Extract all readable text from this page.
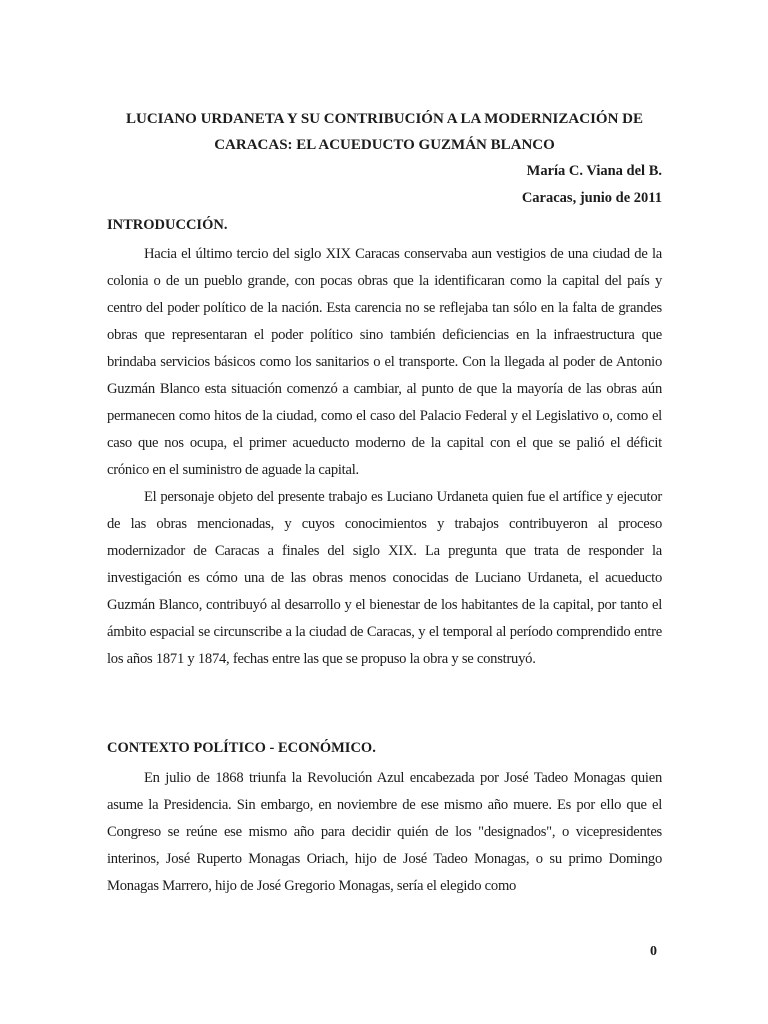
LUCIANO URDANETA Y SU CONTRIBUCIÓN A LA MODERNIZACIÓN DE
CARACAS: EL ACUEDUCTO GUZMÁN BLANCO
María C. Viana del B.
Caracas, junio de 2011
INTRODUCCIÓN.

Hacia el último tercio del siglo XIX Caracas conservaba aun vestigios de una ciudad de la colonia o de un pueblo grande, con pocas obras que la identificaran como la capital del país y centro del poder político de la nación. Esta carencia no se reflejaba tan sólo en la falta de grandes obras que representaran el poder político sino también deficiencias en la infraestructura que brindaba servicios básicos como los sanitarios o el transporte. Con la llegada al poder de Antonio Guzmán Blanco esta situación comenzó a cambiar, al punto de que la mayoría de las obras aún permanecen como hitos de la ciudad, como el caso del Palacio Federal y el Legislativo o, como el caso que nos ocupa, el primer acueducto moderno de la capital con el que se palió el déficit crónico en el suministro de aguade la capital.

El personaje objeto del presente trabajo es Luciano Urdaneta quien fue el artífice y ejecutor de las obras mencionadas, y cuyos conocimientos y trabajos contribuyeron al proceso modernizador de Caracas a finales del siglo XIX. La pregunta que trata de responder la investigación es cómo una de las obras menos conocidas de Luciano Urdaneta, el acueducto Guzmán Blanco, contribuyó al desarrollo y el bienestar de los habitantes de la capital, por tanto el ámbito espacial se circunscribe a la ciudad de Caracas, y el temporal al período comprendido entre los años 1871 y 1874, fechas entre las que se propuso la obra y se construyó.

CONTEXTO POLÍTICO - ECONÓMICO.

En julio de 1868 triunfa la Revolución Azul encabezada por José Tadeo Monagas quien asume la Presidencia. Sin embargo, en noviembre de ese mismo año muere. Es por ello que el Congreso se reúne ese mismo año para decidir quién de los "designados", o vicepresidentes interinos, José Ruperto Monagas Oriach, hijo de José Tadeo Monagas, o su primo Domingo Monagas Marrero, hijo de José Gregorio Monagas, sería el elegido como

0
